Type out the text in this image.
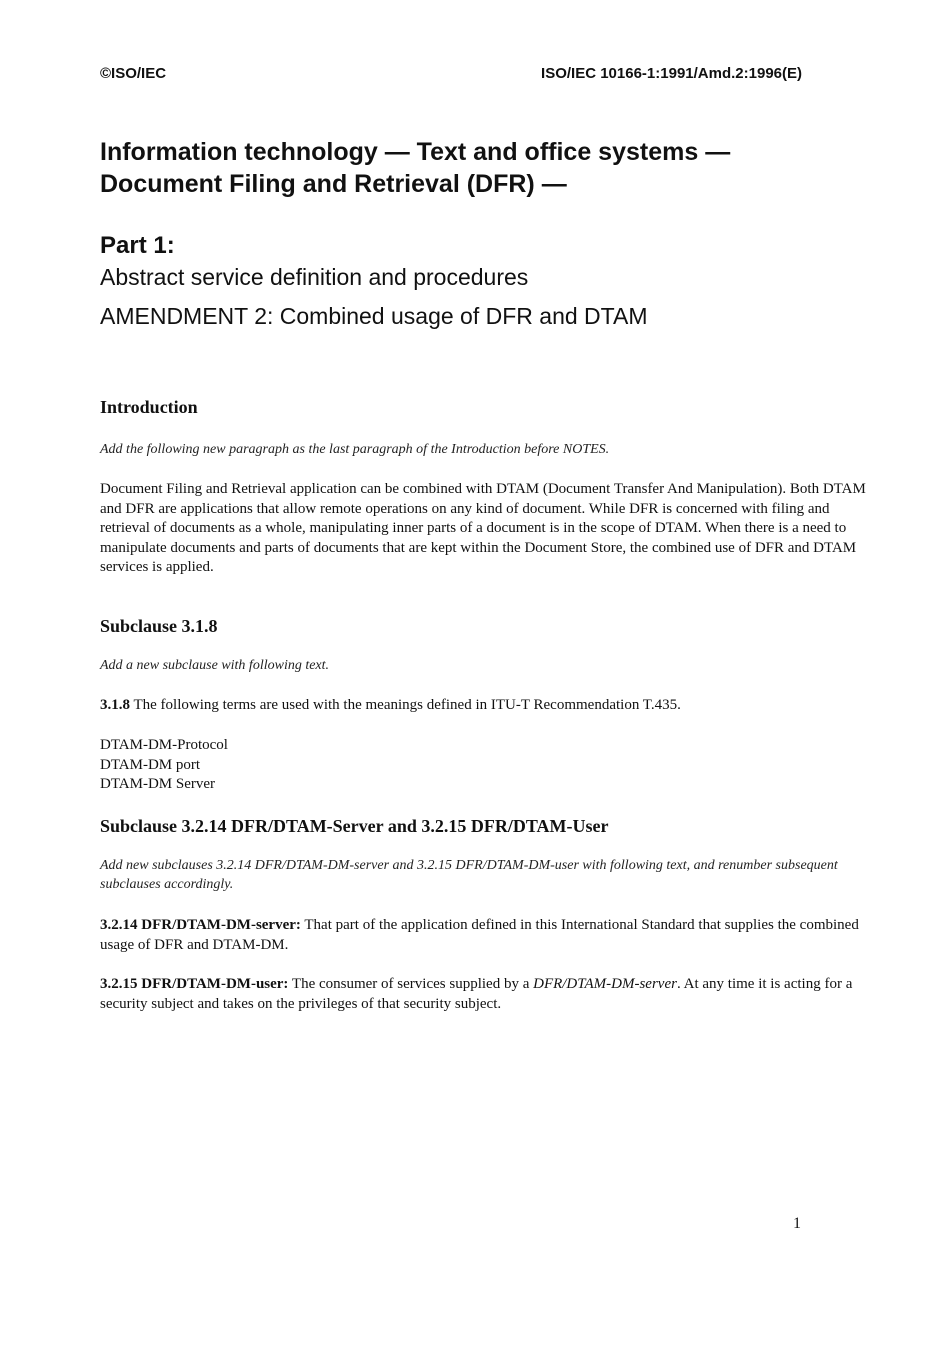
©ISO/IEC	ISO/IEC 10166-1:1991/Amd.2:1996(E)
Information technology — Text and office systems —
Document Filing and Retrieval (DFR) —
Part 1:
Abstract service definition and procedures
AMENDMENT 2: Combined usage of DFR and DTAM
Introduction
Add the following new paragraph as the last paragraph of the Introduction before NOTES.
Document Filing and Retrieval application can be combined with DTAM (Document Transfer And Manipulation). Both DTAM and DFR are applications that allow remote operations on any kind of document. While DFR is concerned with filing and retrieval of documents as a whole, manipulating inner parts of a document is in the scope of DTAM. When there is a need to manipulate documents and parts of documents that are kept within the Document Store, the combined use of DFR and DTAM services is applied.
Subclause 3.1.8
Add a new subclause with following text.
3.1.8 The following terms are used with the meanings defined in ITU-T Recommendation T.435.
DTAM-DM-Protocol
DTAM-DM port
DTAM-DM Server
Subclause 3.2.14 DFR/DTAM-Server and 3.2.15 DFR/DTAM-User
Add new subclauses 3.2.14 DFR/DTAM-DM-server and 3.2.15 DFR/DTAM-DM-user with following text, and renumber subsequent subclauses accordingly.
3.2.14 DFR/DTAM-DM-server: That part of the application defined in this International Standard that supplies the combined usage of DFR and DTAM-DM.
3.2.15 DFR/DTAM-DM-user: The consumer of services supplied by a DFR/DTAM-DM-server. At any time it is acting for a security subject and takes on the privileges of that security subject.
1
